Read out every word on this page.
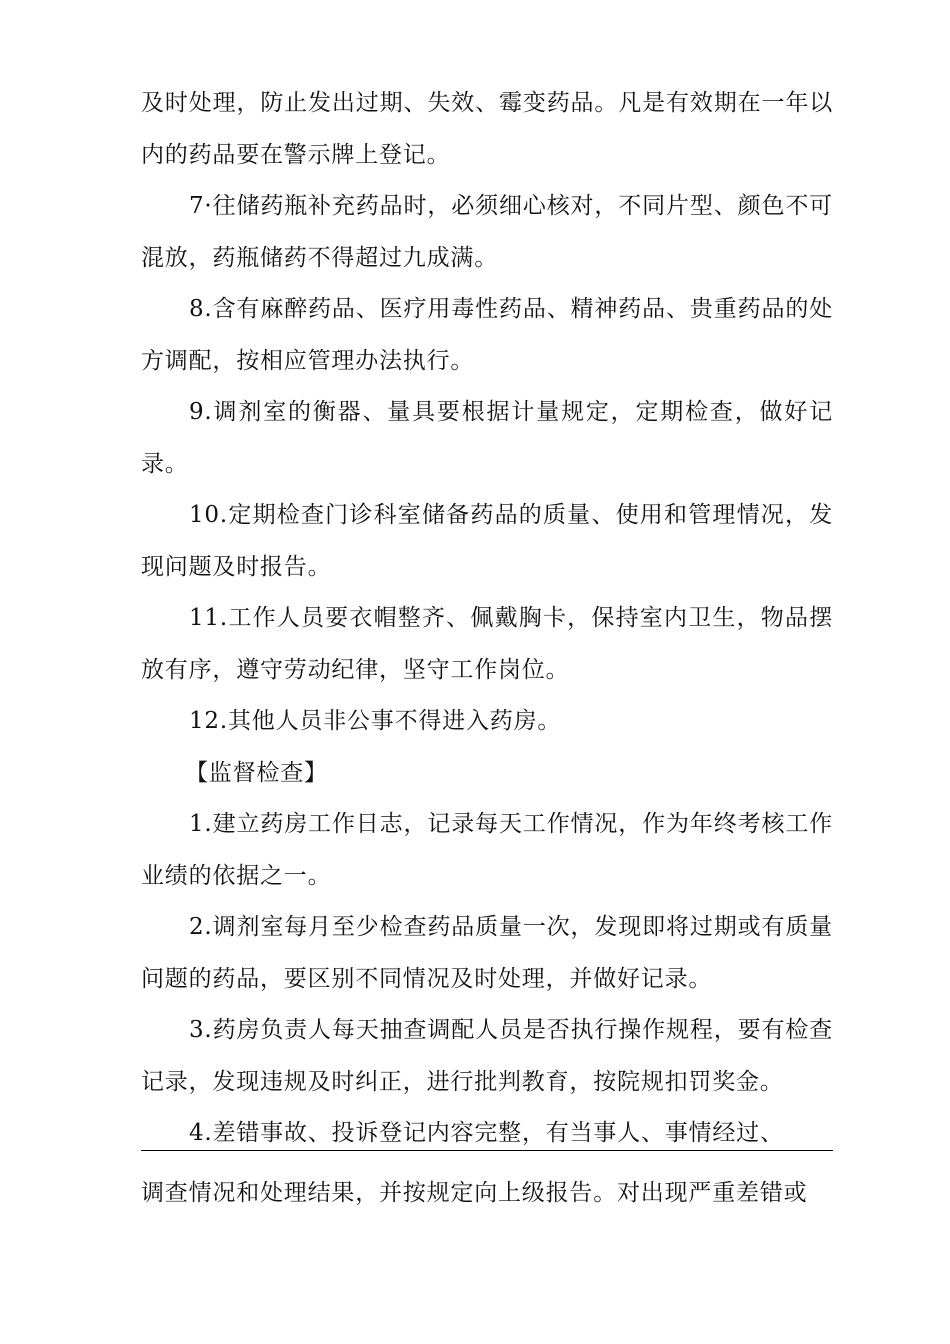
及时处理，防止发出过期、失效、霉变药品。凡是有效期在一年以内的药品要在警示牌上登记。

7·往储药瓶补充药品时，必须细心核对，不同片型、颜色不可混放，药瓶储药不得超过九成满。

8.含有麻醉药品、医疗用毒性药品、精神药品、贵重药品的处方调配，按相应管理办法执行。

9.调剂室的衡器、量具要根据计量规定，定期检查，做好记录。

10.定期检查门诊科室储备药品的质量、使用和管理情况，发现问题及时报告。

11.工作人员要衣帽整齐、佩戴胸卡，保持室内卫生，物品摆放有序，遵守劳动纪律，坚守工作岗位。

12.其他人员非公事不得进入药房。

【监督检查】

1.建立药房工作日志，记录每天工作情况，作为年终考核工作业绩的依据之一。

2.调剂室每月至少检查药品质量一次，发现即将过期或有质量问题的药品，要区别不同情况及时处理，并做好记录。

3.药房负责人每天抽查调配人员是否执行操作规程，要有检查记录，发现违规及时纠正，进行批判教育，按院规扣罚奖金。

4.差错事故、投诉登记内容完整，有当事人、事情经过、

调查情况和处理结果，并按规定向上级报告。对出现严重差错或
